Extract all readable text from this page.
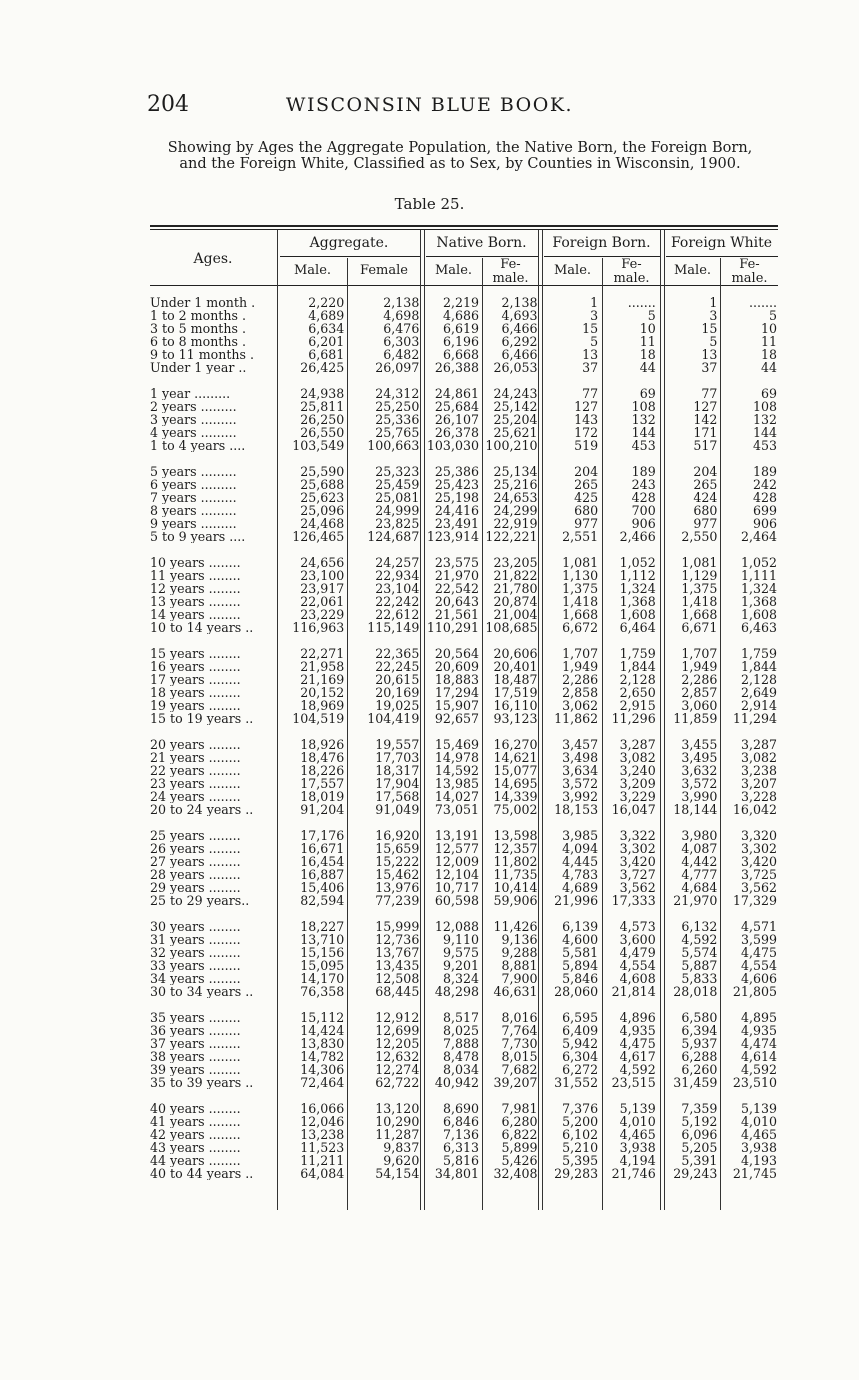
204	WISCONSIN BLUE BOOK.
Showing by Ages the Aggregate Population, the Native Born, the Foreign Born,
and the Foreign White, Classified as to Sex, by Counties in Wisconsin, 1900.
Table 25.
Ages.
Aggregate.	Native Born.	Foreign Born.	Foreign White
Male.	Female	Male.	Fe-
male.
Male.	Fe-
male.
Male.	Fe-
male.
Under 1 month .	2,220	2,138	2,219	2,138	1	.......	1	.......
1 to 2 months .	4,689	4,698	4,686	4,693	3	5	3	5
3 to 5 months .	6,634	6,476	6,619	6,466	15	10	15	10
6 to 8 months .	6,201	6,303	6,196	6,292	5	11	5	11
9 to 11 months .	6,681	6,482	6,668	6,466	13	18	13	18
Under 1 year ..	26,425	26,097	26,388	26,053	37	44	37	44

1 year .........	24,938	24,312	24,861	24,243	77	69	77	69
2 years .........	25,811	25,250	25,684	25,142	127	108	127	108
3 years .........	26,250	25,336	26,107	25,204	143	132	142	132
4 years .........	26,550	25,765	26,378	25,621	172	144	171	144
1 to 4 years ....	103,549	100,663	103,030	100,210	519	453	517	453

5 years .........	25,590	25,323	25,386	25,134	204	189	204	189
6 years .........	25,688	25,459	25,423	25,216	265	243	265	242
7 years .........	25,623	25,081	25,198	24,653	425	428	424	428
8 years .........	25,096	24,999	24,416	24,299	680	700	680	699
9 years .........	24,468	23,825	23,491	22,919	977	906	977	906
5 to 9 years ....	126,465	124,687	123,914	122,221	2,551	2,466	2,550	2,464

10 years ........	24,656	24,257	23,575	23,205	1,081	1,052	1,081	1,052
11 years ........	23,100	22,934	21,970	21,822	1,130	1,112	1,129	1,111
12 years ........	23,917	23,104	22,542	21,780	1,375	1,324	1,375	1,324
13 years ........	22,061	22,242	20,643	20,874	1,418	1,368	1,418	1,368
14 years ........	23,229	22,612	21,561	21,004	1,668	1,608	1,668	1,608
10 to 14 years ..	116,963	115,149	110,291	108,685	6,672	6,464	6,671	6,463

15 years ........	22,271	22,365	20,564	20,606	1,707	1,759	1,707	1,759
16 years ........	21,958	22,245	20,609	20,401	1,949	1,844	1,949	1,844
17 years ........	21,169	20,615	18,883	18,487	2,286	2,128	2,286	2,128
18 years ........	20,152	20,169	17,294	17,519	2,858	2,650	2,857	2,649
19 years ........	18,969	19,025	15,907	16,110	3,062	2,915	3,060	2,914
15 to 19 years ..	104,519	104,419	92,657	93,123	11,862	11,296	11,859	11,294

20 years ........	18,926	19,557	15,469	16,270	3,457	3,287	3,455	3,287
21 years ........	18,476	17,703	14,978	14,621	3,498	3,082	3,495	3,082
22 years ........	18,226	18,317	14,592	15,077	3,634	3,240	3,632	3,238
23 years ........	17,557	17,904	13,985	14,695	3,572	3,209	3,572	3,207
24 years ........	18,019	17,568	14,027	14,339	3,992	3,229	3,990	3,228
20 to 24 years ..	91,204	91,049	73,051	75,002	18,153	16,047	18,144	16,042

25 years ........	17,176	16,920	13,191	13,598	3,985	3,322	3,980	3,320
26 years ........	16,671	15,659	12,577	12,357	4,094	3,302	4,087	3,302
27 years ........	16,454	15,222	12,009	11,802	4,445	3,420	4,442	3,420
28 years ........	16,887	15,462	12,104	11,735	4,783	3,727	4,777	3,725
29 years ........	15,406	13,976	10,717	10,414	4,689	3,562	4,684	3,562
25 to 29 years..	82,594	77,239	60,598	59,906	21,996	17,333	21,970	17,329

30 years ........	18,227	15,999	12,088	11,426	6,139	4,573	6,132	4,571
31 years ........	13,710	12,736	9,110	9,136	4,600	3,600	4,592	3,599
32 years ........	15,156	13,767	9,575	9,288	5,581	4,479	5,574	4,475
33 years ........	15,095	13,435	9,201	8,881	5,894	4,554	5,887	4,554
34 years ........	14,170	12,508	8,324	7,900	5,846	4,608	5,833	4,606
30 to 34 years ..	76,358	68,445	48,298	46,631	28,060	21,814	28,018	21,805

35 years ........	15,112	12,912	8,517	8,016	6,595	4,896	6,580	4,895
36 years ........	14,424	12,699	8,025	7,764	6,409	4,935	6,394	4,935
37 years ........	13,830	12,205	7,888	7,730	5,942	4,475	5,937	4,474
38 years ........	14,782	12,632	8,478	8,015	6,304	4,617	6,288	4,614
39 years ........	14,306	12,274	8,034	7,682	6,272	4,592	6,260	4,592
35 to 39 years ..	72,464	62,722	40,942	39,207	31,552	23,515	31,459	23,510

40 years ........	16,066	13,120	8,690	7,981	7,376	5,139	7,359	5,139
41 years ........	12,046	10,290	6,846	6,280	5,200	4,010	5,192	4,010
42 years ........	13,238	11,287	7,136	6,822	6,102	4,465	6,096	4,465
43 years ........	11,523	9,837	6,313	5,899	5,210	3,938	5,205	3,938
44 years ........	11,211	9,620	5,816	5,426	5,395	4,194	5,391	4,193
40 to 44 years ..	64,084	54,154	34,801	32,408	29,283	21,746	29,243	21,745
